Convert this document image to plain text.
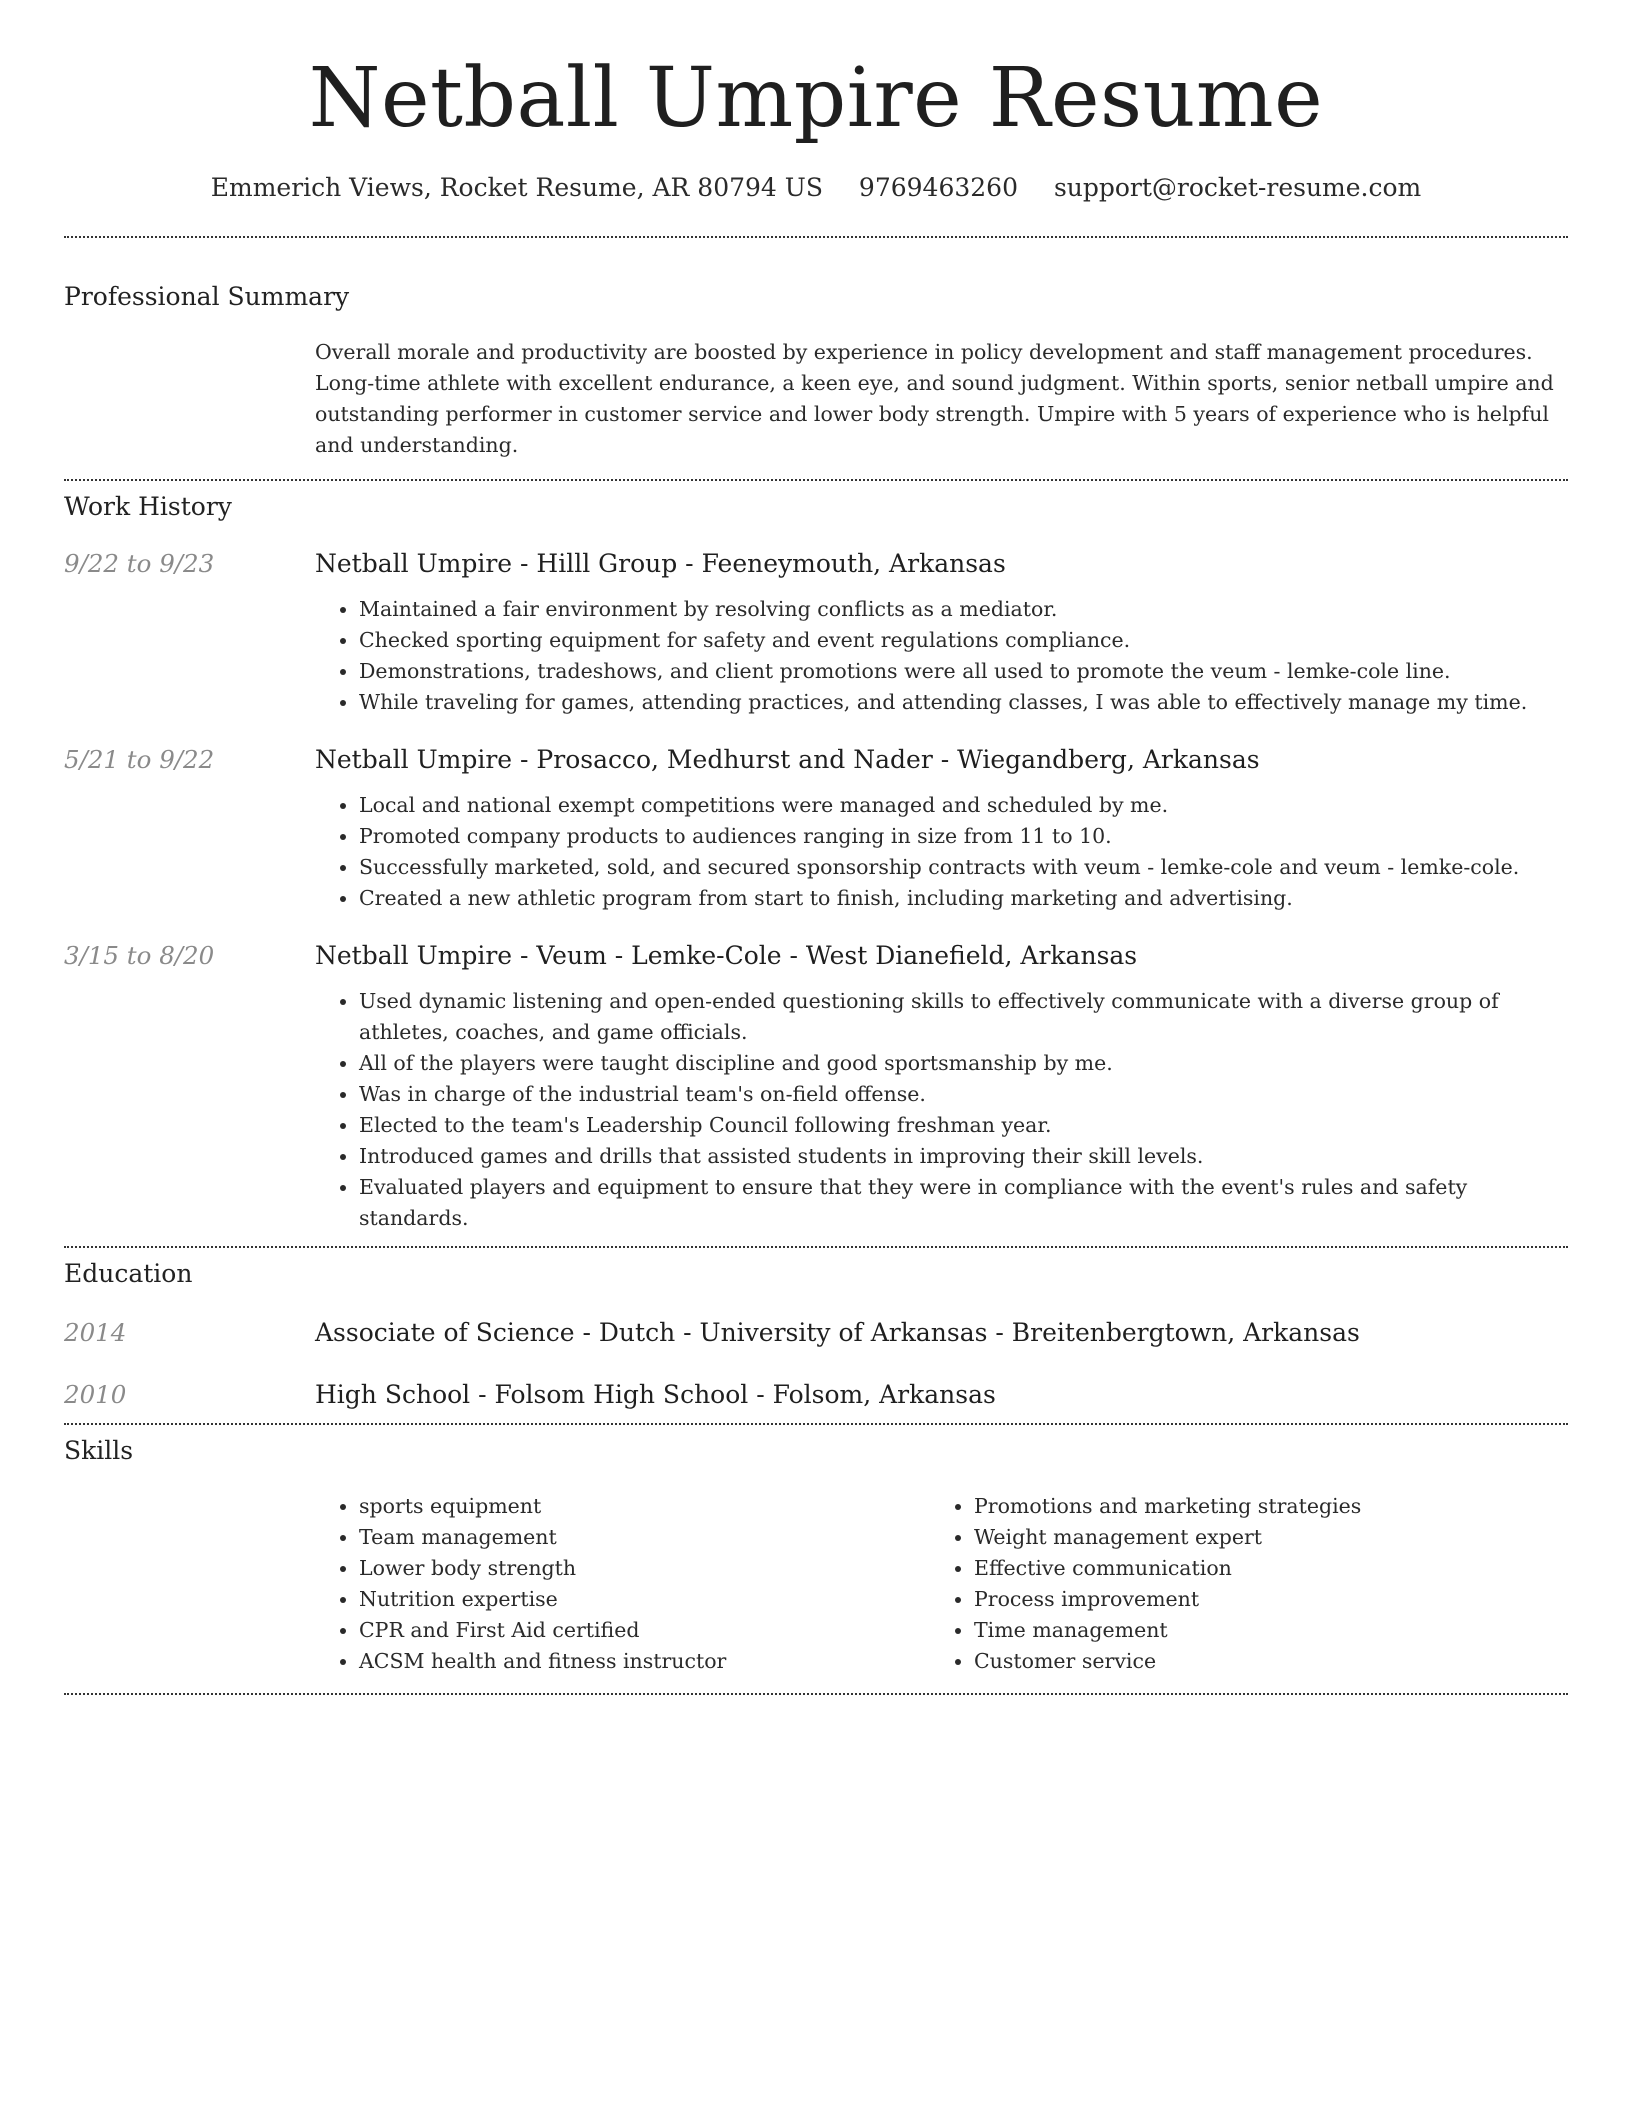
Netball Umpire Resume
Emmerich Views, Rocket Resume, AR 80794 US 9769463260 support@rocket-resume.com
Professional Summary
Overall morale and productivity are boosted by experience in policy development and staff management procedures. Long-time athlete with excellent endurance, a keen eye, and sound judgment. Within sports, senior netball umpire and outstanding performer in customer service and lower body strength. Umpire with 5 years of experience who is helpful and understanding.
Work History
9/22 to 9/23	Netball Umpire - Hilll Group - Feeneymouth, Arkansas
• Maintained a fair environment by resolving conflicts as a mediator.
• Checked sporting equipment for safety and event regulations compliance.
• Demonstrations, tradeshows, and client promotions were all used to promote the veum - lemke-cole line.
• While traveling for games, attending practices, and attending classes, I was able to effectively manage my time.
5/21 to 9/22	Netball Umpire - Prosacco, Medhurst and Nader - Wiegandberg, Arkansas
• Local and national exempt competitions were managed and scheduled by me.
• Promoted company products to audiences ranging in size from 11 to 10.
• Successfully marketed, sold, and secured sponsorship contracts with veum - lemke-cole and veum - lemke-cole.
• Created a new athletic program from start to finish, including marketing and advertising.
3/15 to 8/20	Netball Umpire - Veum - Lemke-Cole - West Dianefield, Arkansas
• Used dynamic listening and open-ended questioning skills to effectively communicate with a diverse group of athletes, coaches, and game officials.
• All of the players were taught discipline and good sportsmanship by me.
• Was in charge of the industrial team's on-field offense.
• Elected to the team's Leadership Council following freshman year.
• Introduced games and drills that assisted students in improving their skill levels.
• Evaluated players and equipment to ensure that they were in compliance with the event's rules and safety standards.
Education
2014	Associate of Science - Dutch - University of Arkansas - Breitenbergtown, Arkansas
2010	High School - Folsom High School - Folsom, Arkansas
Skills
• sports equipment
• Team management
• Lower body strength
• Nutrition expertise
• CPR and First Aid certified
• ACSM health and fitness instructor
• Promotions and marketing strategies
• Weight management expert
• Effective communication
• Process improvement
• Time management
• Customer service
